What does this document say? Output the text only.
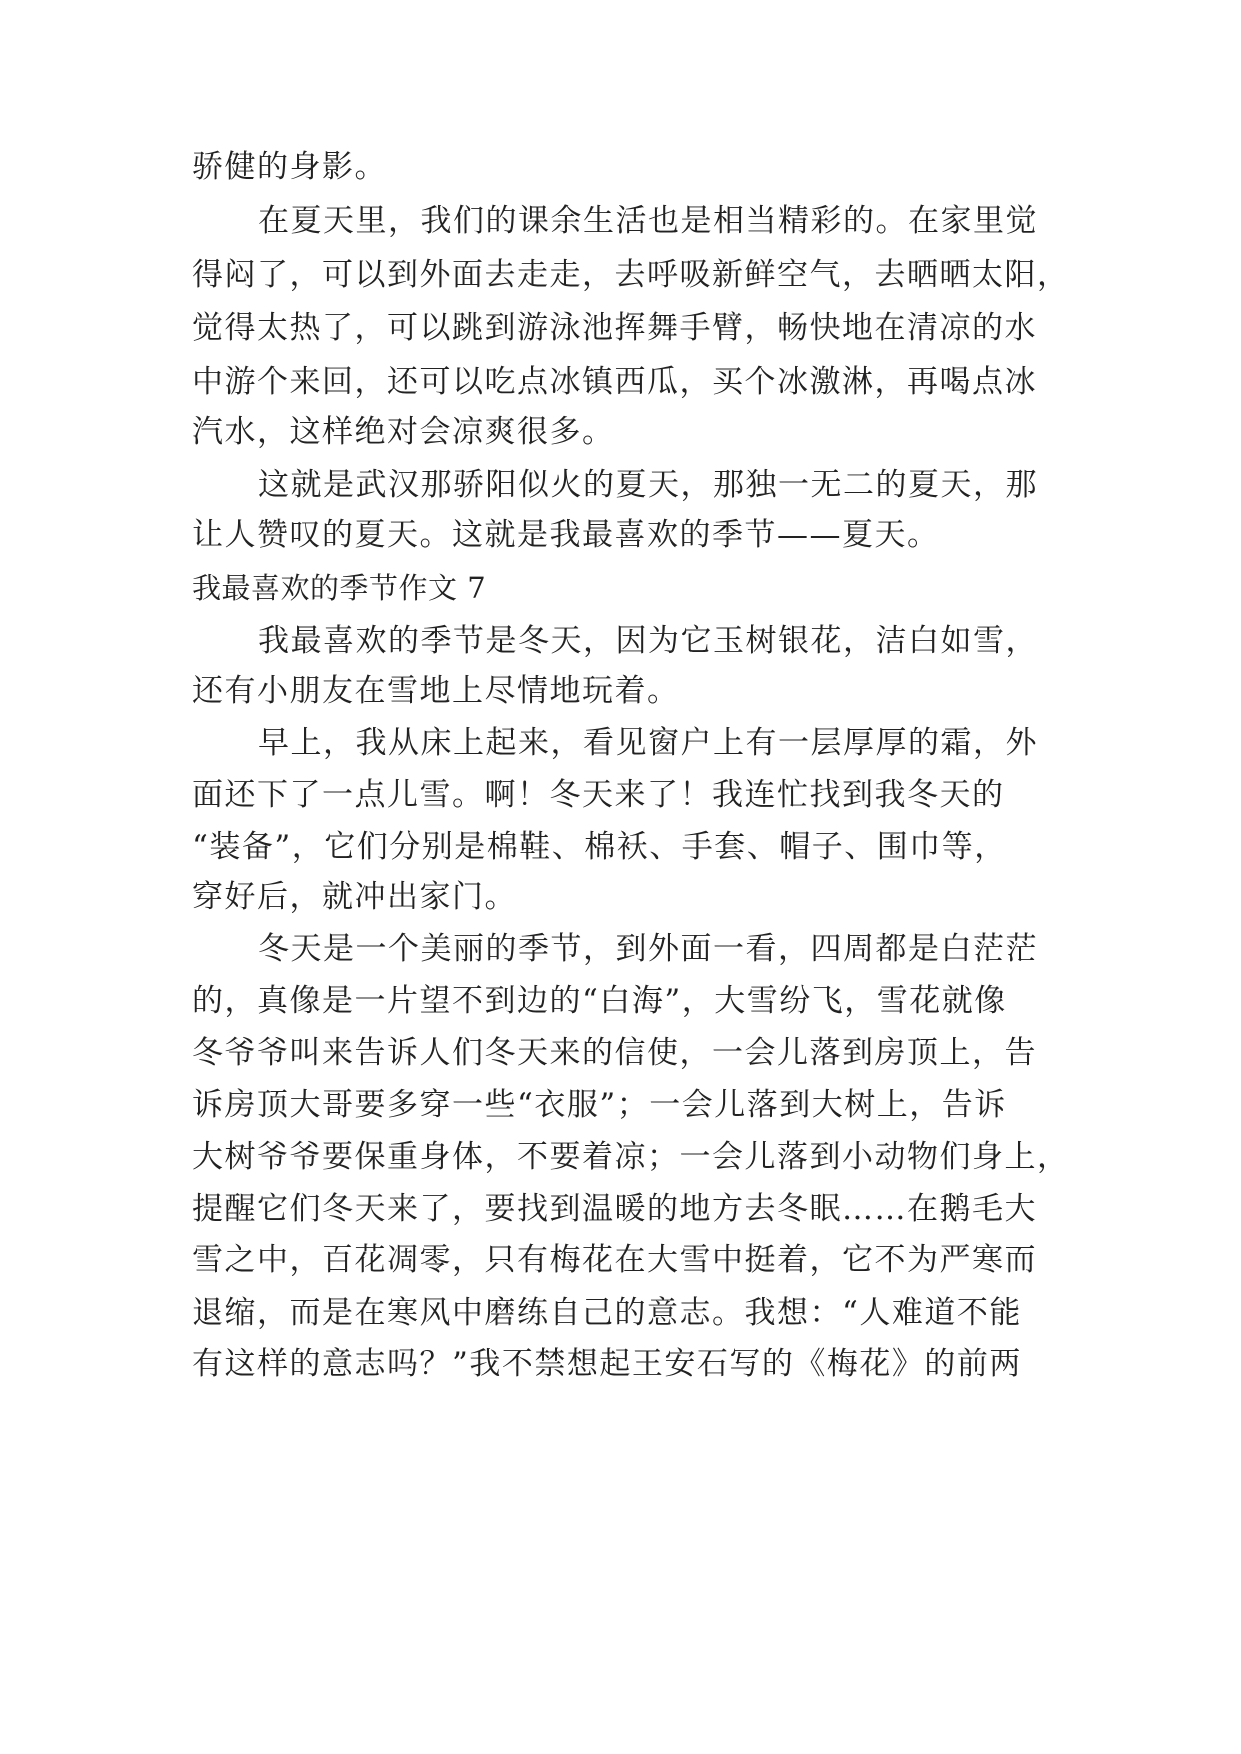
骄健的身影。
在夏天里，我们的课余生活也是相当精彩的。在家里觉
得闷了，可以到外面去走走，去呼吸新鲜空气，去晒晒太阳，
觉得太热了，可以跳到游泳池挥舞手臂，畅快地在清凉的水
中游个来回，还可以吃点冰镇西瓜，买个冰激淋，再喝点冰
汽水，这样绝对会凉爽很多。
这就是武汉那骄阳似火的夏天，那独一无二的夏天，那
让人赞叹的夏天。这就是我最喜欢的季节——夏天。
我最喜欢的季节作文 7
我最喜欢的季节是冬天，因为它玉树银花，洁白如雪，
还有小朋友在雪地上尽情地玩着。
早上，我从床上起来，看见窗户上有一层厚厚的霜，外
面还下了一点儿雪。啊！冬天来了！我连忙找到我冬天的
“装备”，它们分别是棉鞋、棉袄、手套、帽子、围巾等，
穿好后，就冲出家门。
冬天是一个美丽的季节，到外面一看，四周都是白茫茫
的，真像是一片望不到边的“白海”，大雪纷飞，雪花就像
冬爷爷叫来告诉人们冬天来的信使，一会儿落到房顶上，告
诉房顶大哥要多穿一些“衣服”；一会儿落到大树上，告诉
大树爷爷要保重身体，不要着凉；一会儿落到小动物们身上，
提醒它们冬天来了，要找到温暖的地方去冬眠……在鹅毛大
雪之中，百花凋零，只有梅花在大雪中挺着，它不为严寒而
退缩，而是在寒风中磨练自己的意志。我想：“人难道不能
有这样的意志吗？”我不禁想起王安石写的《梅花》的前两
